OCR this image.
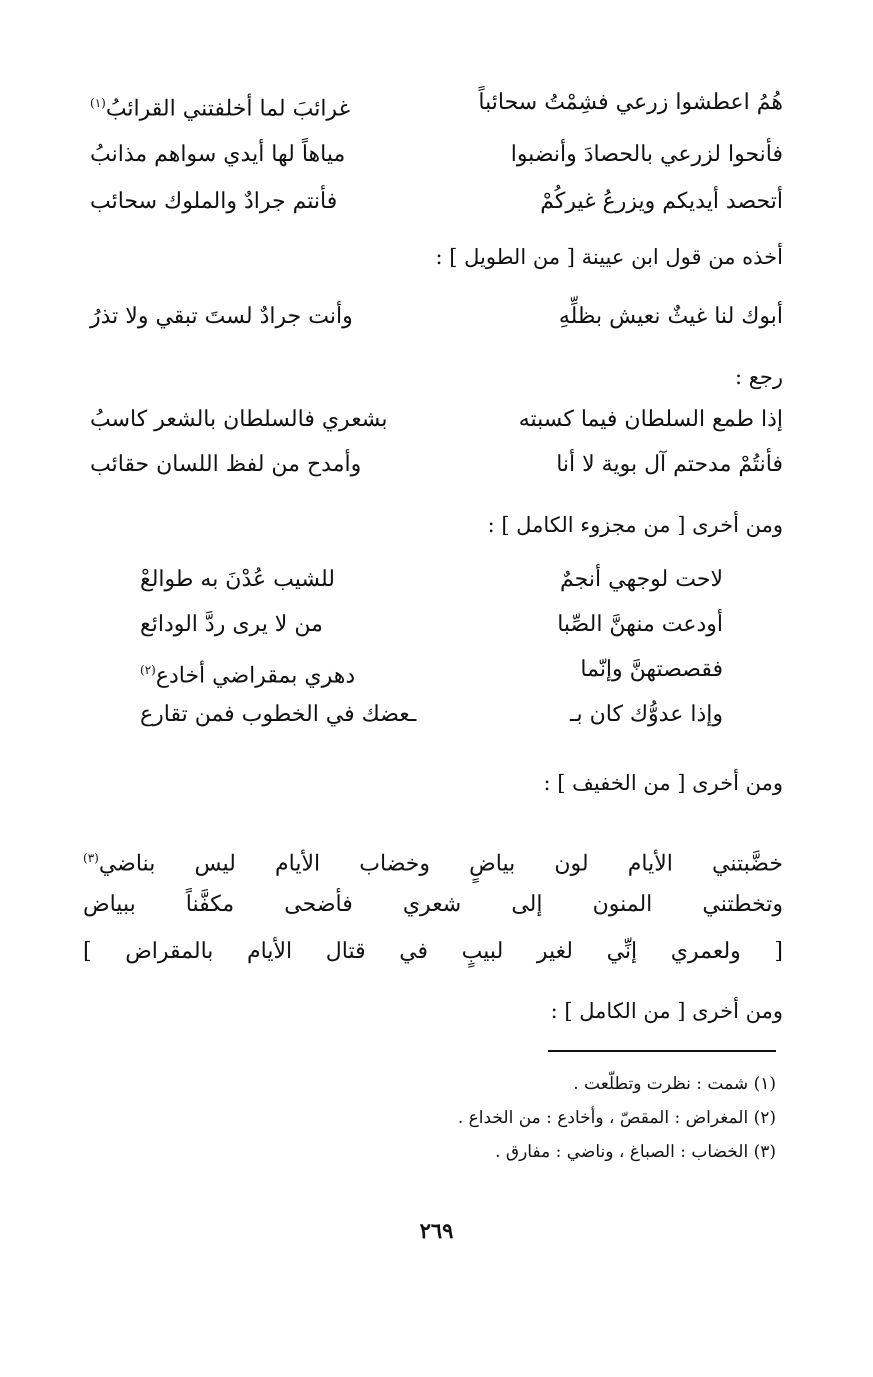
هُمُ اعطشوا زرعي فشِمْتُ سحائباً
غرائبَ لما أخلفتني القرائبُ$^{(١)}$
فأنحوا لزرعي بالحصادَ وأنضبوا
مياهاً لها أيدي سواهم مذانبُ
أتحصد أيديكم ويزرعُ غيركُمْ
فأنتم جرادٌ والملوك سحائب
أخذه من قول ابن عيينة [ من الطويل ] :
أبوك لنا غيثٌ نعيش بظلِّهِ
وأنت جرادٌ لستَ تبقي ولا تذرُ
رجع :
إذا طمع السلطان فيما كسبته
بشعري فالسلطان بالشعر كاسبُ
فأنتُمْ مدحتم آل بوية لا أنا
وأمدح من لفظ اللسان حقائب
ومن أخرى [ من مجزوء الكامل ] :
لاحت لوجهي أنجمٌ
للشيب عُدْنَ به طوالعْ
أودعت منهنَّ الصِّبا
من لا يرى ردَّ الودائع
فقصصتهنَّ وإنّما
دهري بمقراضي أخادع$^{(٢)}$
وإذا عدوُّك كان بـ
ـعضك في الخطوب فمن تقارع
ومن أخرى [ من الخفيف ] :
خضَّبتني الأيام لون بياضٍ وخضاب الأيام ليس بناضي$^{(٣)}$
وتخطتني المنون إلى شعري فأضحى مكفَّناً ببياض
[ ولعمري إنِّي لغير لبيبٍ في قتال الأيام بالمقراض ]
ومن أخرى [ من الكامل ] :
(١) شمت : نظرت وتطلّعت .
(٢) المغراض : المقصّ ، وأخادع : من الخداع .
(٣) الخضاب : الصباغ ، وناضي : مفارق .
٢٦٩
